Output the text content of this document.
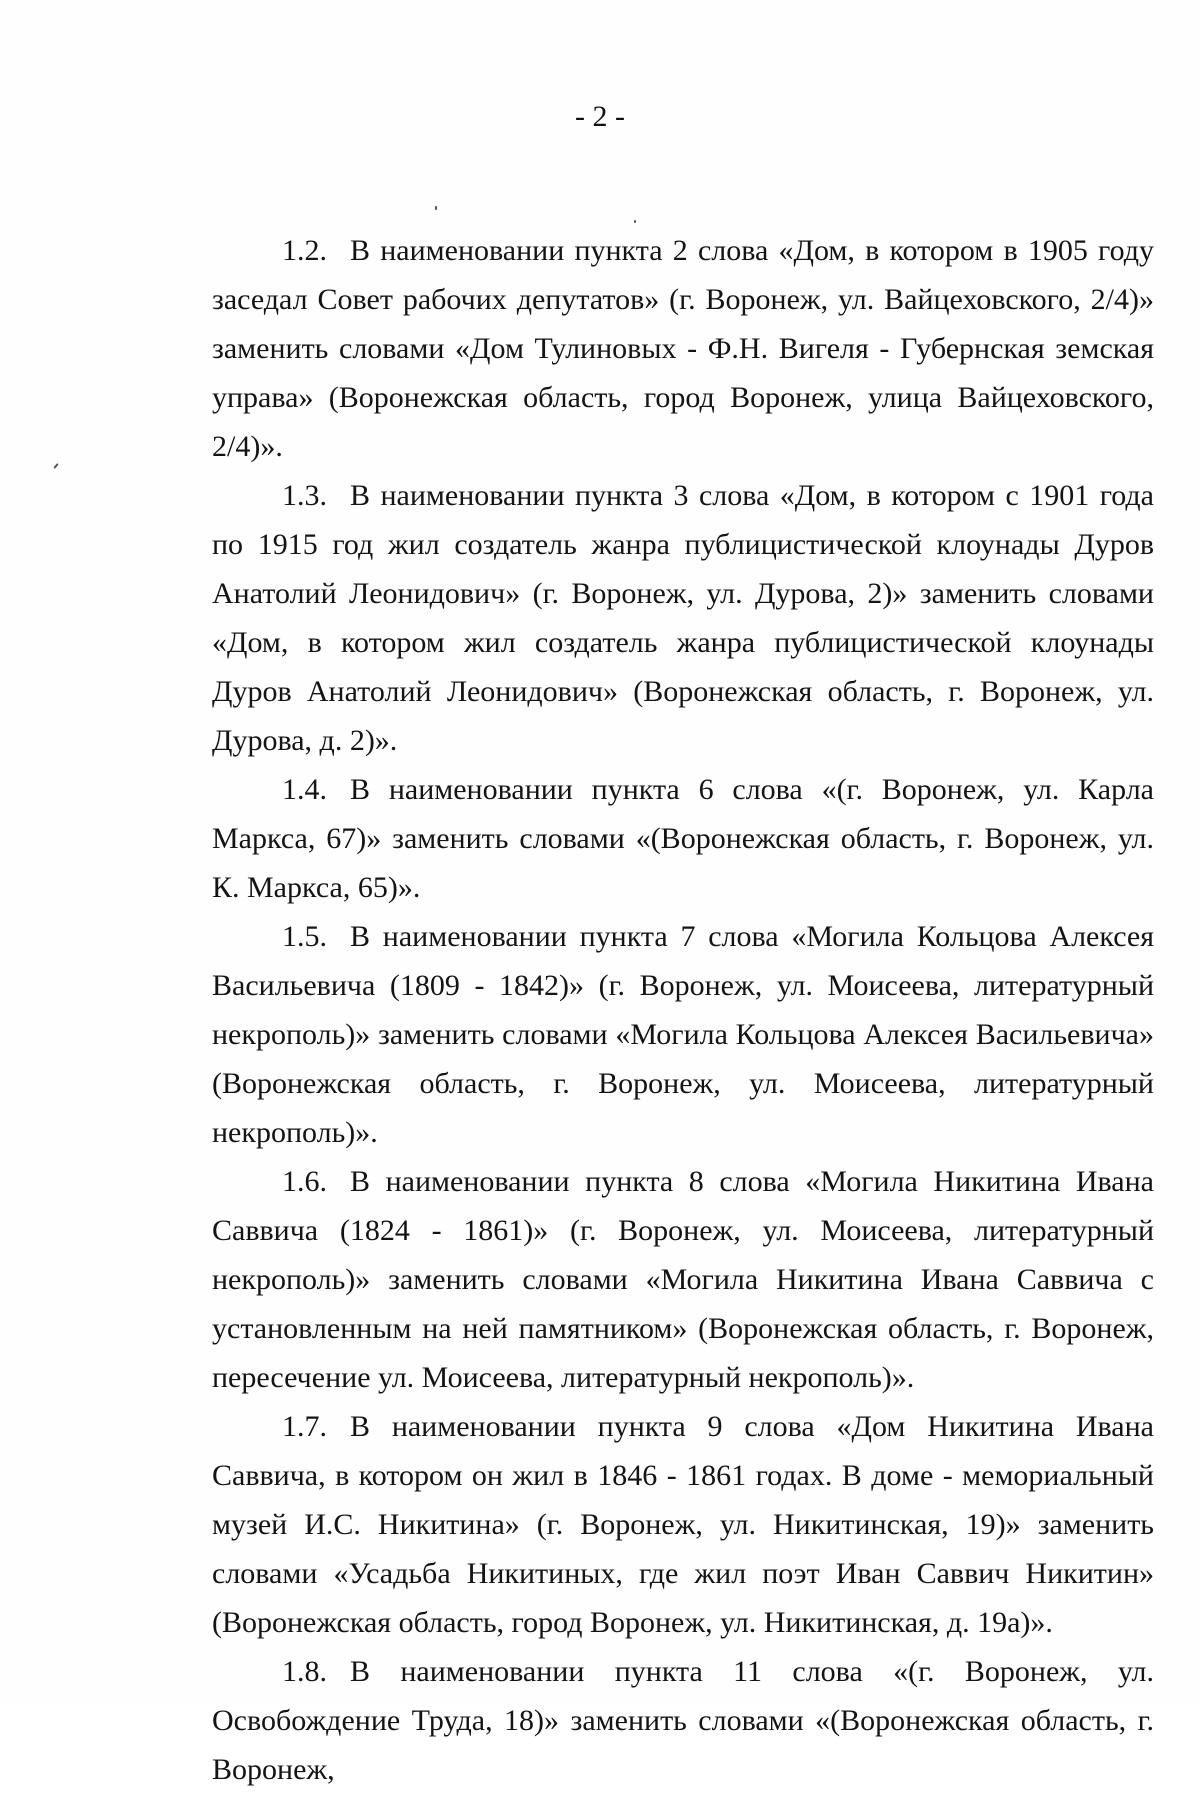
- 2 -

1.2. В наименовании пункта 2 слова «Дом, в котором в 1905 году заседал Совет рабочих депутатов» (г. Воронеж, ул. Вайцеховского, 2/4)» заменить словами «Дом Тулиновых - Ф.Н. Вигеля - Губернская земская управа» (Воронежская область, город Воронеж, улица Вайцеховского, 2/4)».

1.3. В наименовании пункта 3 слова «Дом, в котором с 1901 года по 1915 год жил создатель жанра публицистической клоунады Дуров Анатолий Леонидович» (г. Воронеж, ул. Дурова, 2)» заменить словами «Дом, в котором жил создатель жанра публицистической клоунады Дуров Анатолий Леонидович» (Воронежская область, г. Воронеж, ул. Дурова, д. 2)».

1.4. В наименовании пункта 6 слова «(г. Воронеж, ул. Карла Маркса, 67)» заменить словами «(Воронежская область, г. Воронеж, ул. К. Маркса, 65)».

1.5. В наименовании пункта 7 слова «Могила Кольцова Алексея Васильевича (1809 - 1842)» (г. Воронеж, ул. Моисеева, литературный некрополь)» заменить словами «Могила Кольцова Алексея Васильевича» (Воронежская область, г. Воронеж, ул. Моисеева, литературный некрополь)».

1.6. В наименовании пункта 8 слова «Могила Никитина Ивана Саввича (1824 - 1861)» (г. Воронеж, ул. Моисеева, литературный некрополь)» заменить словами «Могила Никитина Ивана Саввича с установленным на ней памятником» (Воронежская область, г. Воронеж, пересечение ул. Моисеева, литературный некрополь)».

1.7. В наименовании пункта 9 слова «Дом Никитина Ивана Саввича, в котором он жил в 1846 - 1861 годах. В доме - мемориальный музей И.С. Никитина» (г. Воронеж, ул. Никитинская, 19)» заменить словами «Усадьба Никитиных, где жил поэт Иван Саввич Никитин» (Воронежская область, город Воронеж, ул. Никитинская, д. 19а)».

1.8. В наименовании пункта 11 слова «(г. Воронеж, ул. Освобождение Труда, 18)» заменить словами «(Воронежская область, г. Воронеж,
